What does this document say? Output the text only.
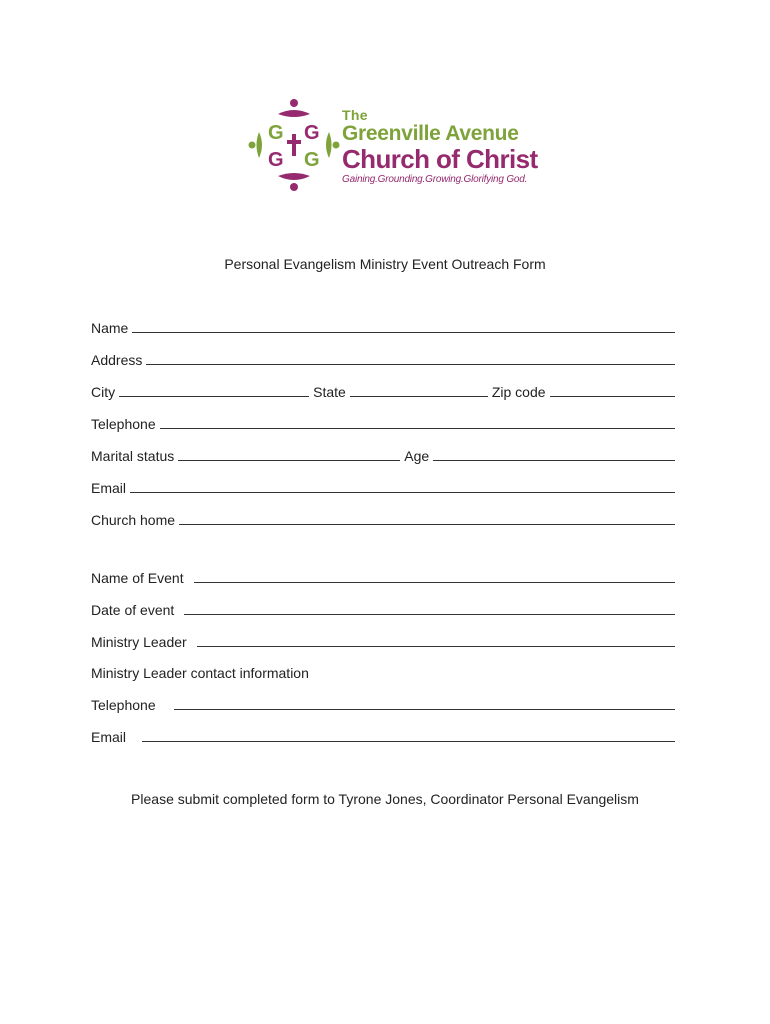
G G
G G
The
Greenville Avenue
Church of Christ
Gaining.Grounding.Growing.Glorifying God.
Personal Evangelism Ministry Event Outreach Form
Name
Address
City	State	Zip code
Telephone
Marital status	Age
Email
Church home
Name of Event
Date of event
Ministry Leader
Ministry Leader contact information
Telephone
Email
Please submit completed form to Tyrone Jones, Coordinator Personal Evangelism
